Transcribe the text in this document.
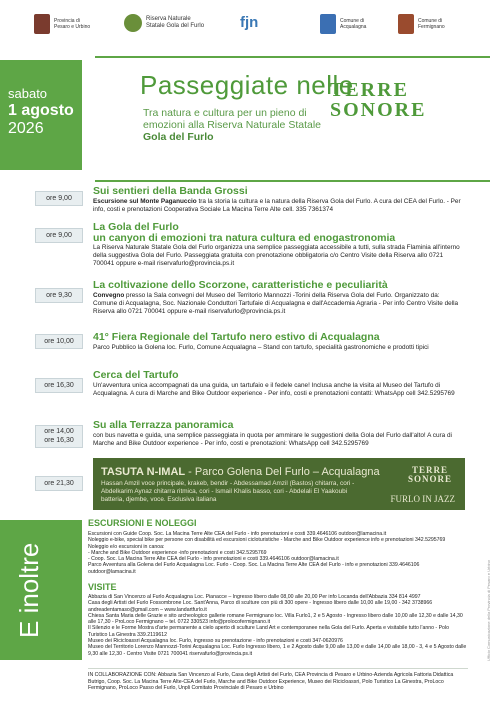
Provincia di
Pesaro e Urbino
Riserva Naturale
Statale Gola del Furlo fjn	Comune di
Acqualagna
Comune di
Fermignano
sabato
1 agosto
2026
Passeggiate nelle
Tra natura e cultura per un pieno di emozioni alla Riserva Naturale Statale Gola del Furlo
TERRE SONORE
ore 9,00
Sui sentieri della Banda Grossi
Escursione sul Monte Paganuccio tra la storia la cultura e la natura della Riserva Gola del Furlo. A cura del CEA del Furlo. - Per info, costi e prenotazioni Cooperativa Sociale La Macina Terre Alte cell. 335 7361374
ore 9,00
La Gola del Furlo
un canyon di emozioni tra natura cultura ed enogastronomia
La Riserva Naturale Statale Gola del Furlo organizza una semplice passeggiata accessibile a tutti, sulla strada Flaminia all'interno della suggestiva Gola del Furlo. Passeggiata gratuita con prenotazione obbligatoria c/o Centro Visite della Riserva allo 0721 700041 oppure e-mail riservafurlo@provincia.ps.it
ore 9,30
La coltivazione dello Scorzone, caratteristiche e peculiarità
Convegno presso la Sala convegni del Museo del Territorio Mannozzi -Torini della Riserva Gola del Furlo. Organizzato da: Comune di Acqualagna, Soc. Nazionale Conduttori Tartufaie di Acqualagna e dall'Accademia Agraria - Per info Centro Visite della Riserva allo 0721 700041 oppure e-mail riservafurlo@provincia.ps.it
ore 10,00	41° Fiera Regionale del Tartufo nero estivo di Acqualagna
Parco Pubblico la Golena loc. Furlo, Comune Acqualagna – Stand con tartufo, specialità gastronomiche e prodotti tipici
ore 16,30
Cerca del Tartufo
Un'avventura unica accompagnati da una guida, un tartufaio e il fedele cane! Inclusa anche la visita al Museo del Tartufo di Acqualagna. A cura di Marche and Bike Outdoor experience - Per info, costi e prenotazioni contatti: WhatsApp cell 342.5295769
ore 14,00
ore 16,30
Su alla Terrazza panoramica
con bus navetta e guida, una semplice passeggiata in quota per ammirare le suggestioni della Gola del Furlo dall'alto! A cura di Marche and Bike Outdoor experience - Per info, costi e prenotazioni: WhatsApp cell 342.5295769
ore 21,30
TASUTA N-IMAL - Parco Golena Del Furlo – Acqualagna
Hassan Amzil voce principale, krakeb, bendir - Abdessamad Amzil (Bastos) chitarra, cori - Abdelkarim Aynaz chitarra ritmica, cori - Ismail Khalis basso, cori - Abdelali El Yaakoubi batteria, djembe, voce. Esclusiva italiana
TERRE SONORE
FURLO IN JAZZ
E inoltre
ESCURSIONI E NOLEGGI
Escursioni con Guide Coop. Soc. La Macina Terre Alte CEA del Furlo - info prenotazioni e costi 339.4646106 outdoor@lamacina.it
Noleggio e-bike, special bike per persone con disabilità ed escursioni cicloturistiche - Marche and Bike Outdoor experience info e prenotazioni 342.5295769
Noleggio e/o escursioni in canoa:
- Marche and Bike Outdoor experience -info prenotazioni e costi 342.5295769
- Coop. Soc. La Macina Terre Alte CEA del Furlo - info prenotazioni e costi 339.4646106 outdoor@lamacina.it
Parco Avventura alla Golena del Furlo Acqualagna Loc. Furlo - Coop. Soc. La Macina Terre Alte CEA del Furlo - info e prenotazioni 339.4646106 outdoor@lamacina.it
VISITE
Abbazia di San Vincenzo al Furlo Acqualagna Loc. Pianacce – Ingresso libero dalle 08,00 alle 20,00 Per info Locanda dell'Abbazia 334 814 4997
Casa degli Artisti del Furlo Fossombrone Loc. Sant'Anna, Parco di sculture con più di 300 opere - Ingresso libero dalle 10,00 alle 19,00 - 342 3738966 andreadentamaso@gmail.com – www.landartfurlo.it
Chiesa Santa Maria delle Grazie e sito archeologico gallerie romane Fermignano loc. Villa Furlo1, 2 e 5 Agosto - Ingresso libero dalle 10,00 alle 12,30 e dalle 14,30 alle 17,30 - ProLoco Fermignano – tel. 0722 330523 info@prolocofermignano.it
Il Silenzio e le Forme Mostra d'arte permanente a cielo aperto di sculture Land Art e contemporanee nella Gola del Furlo. Aperta e visitabile tutto l'anno - Polo Turistico La Ginestra 339.2119612
Museo dei Ricicloassri Acqualagna loc. Furlo, ingresso su prenotazione - info prenotazioni e costi 347-0620976
Museo del Territorio Lorenzo Mannozzi-Torini Acqualagna Loc. Furlo Ingresso libero, 1 e 2 Agosto dalle 9,00 alle 13,00 e dalle 14,00 alle 18,00 - 3, 4 e 5 Agosto dalle 9,30 alle 12,30 - Centro Visite 0721 700041 riservafurlo@provincia.ps.it
IN COLLABORAZIONE CON: Abbazia San Vincenzo al Furlo, Casa degli Artisti del Furlo, CEA Provincia di Pesaro e Urbino-Azienda Agricola Fattoria Didattica Butrigo, Coop. Soc. La Macina Terre Alte-CEA del Furlo, Marche and Bike Outdoor Experience, Museo dei Ricicloassri, Polo Turistico La Ginestra, ProLoco Fermignano, ProLoco Passo del Furlo, Unpli Comitato Provinciale di Pesaro e Urbino
Ufficio Comunicazione della Provincia di Pesaro e Urbino
